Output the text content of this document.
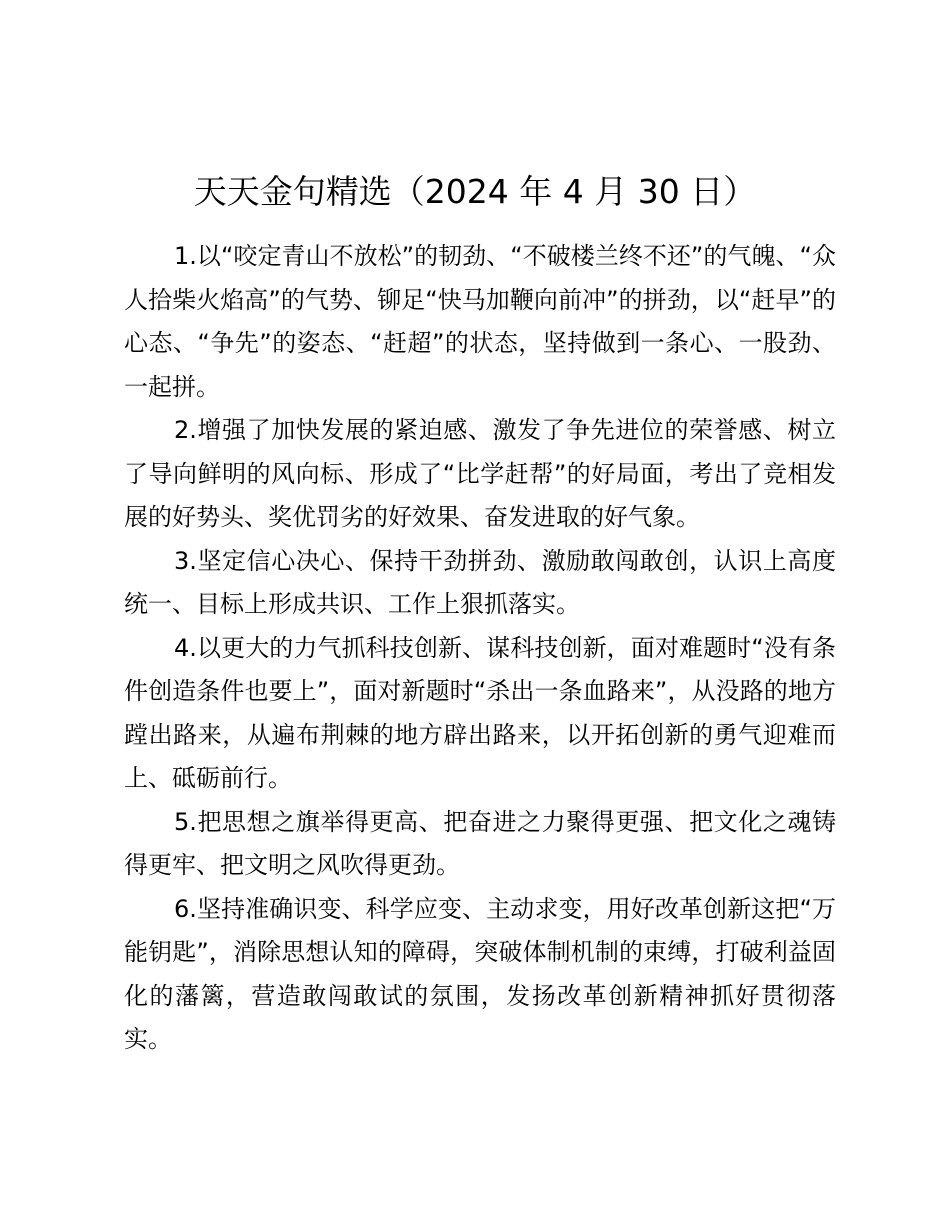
天天金句精选（2024 年 4 月 30 日）

1.以“咬定青山不放松”的韧劲、“不破楼兰终不还”的气魄、“众人拾柴火焰高”的气势、铆足“快马加鞭向前冲”的拼劲，以“赶早”的心态、“争先”的姿态、“赶超”的状态，坚持做到一条心、一股劲、一起拼。

2.增强了加快发展的紧迫感、激发了争先进位的荣誉感、树立了导向鲜明的风向标、形成了“比学赶帮”的好局面，考出了竞相发展的好势头、奖优罚劣的好效果、奋发进取的好气象。

3.坚定信心决心、保持干劲拼劲、激励敢闯敢创，认识上高度统一、目标上形成共识、工作上狠抓落实。

4.以更大的力气抓科技创新、谋科技创新，面对难题时“没有条件创造条件也要上”，面对新题时“杀出一条血路来”，从没路的地方蹚出路来，从遍布荆棘的地方辟出路来，以开拓创新的勇气迎难而上、砥砺前行。

5.把思想之旗举得更高、把奋进之力聚得更强、把文化之魂铸得更牢、把文明之风吹得更劲。

6.坚持准确识变、科学应变、主动求变，用好改革创新这把“万能钥匙”，消除思想认知的障碍，突破体制机制的束缚，打破利益固化的藩篱，营造敢闯敢试的氛围，发扬改革创新精神抓好贯彻落实。
